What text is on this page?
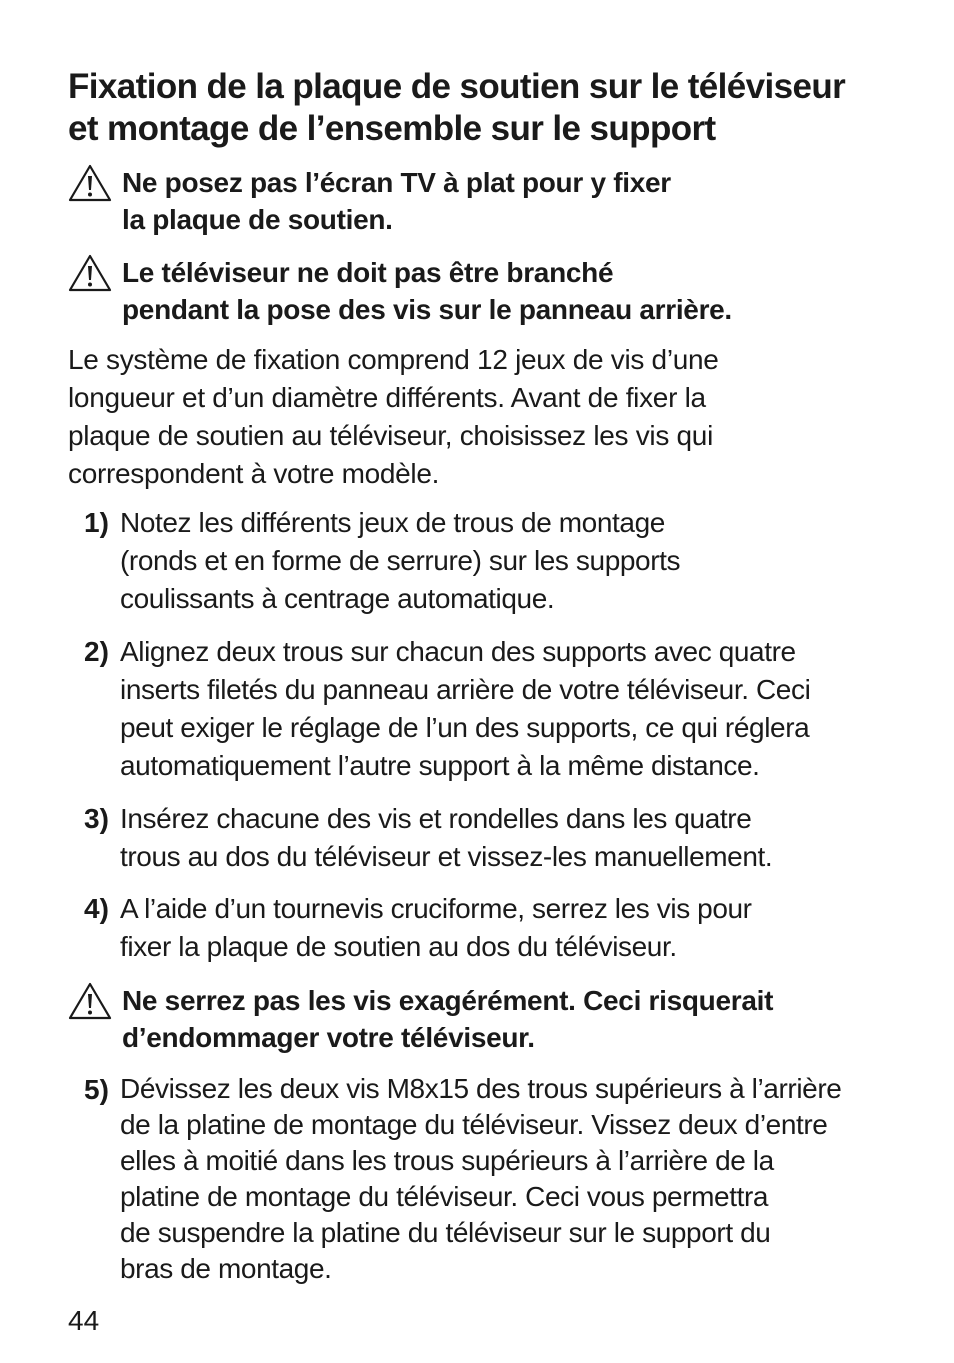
Fixation de la plaque de soutien sur le téléviseur
et montage de l’ensemble sur le support
Ne posez pas l’écran TV à plat pour y fixer
la plaque de soutien.
Le téléviseur ne doit pas être branché
pendant la pose des vis sur le panneau arrière.
Le système de fixation comprend 12 jeux de vis d’une
longueur et d’un diamètre différents. Avant de fixer la
plaque de soutien au téléviseur, choisissez les vis qui
correspondent à votre modèle.
1) Notez les différents jeux de trous de montage
(ronds et en forme de serrure) sur les supports
coulissants à centrage automatique.
2) Alignez deux trous sur chacun des supports avec quatre
inserts filetés du panneau arrière de votre téléviseur. Ceci
peut exiger le réglage de l’un des supports, ce qui réglera
automatiquement l’autre support à la même distance.
3) Insérez chacune des vis et rondelles dans les quatre
trous au dos du téléviseur et vissez-les manuellement.
4) A l’aide d’un tournevis cruciforme, serrez les vis pour
fixer la plaque de soutien au dos du téléviseur.
Ne serrez pas les vis exagérément. Ceci risquerait
d’endommager votre téléviseur.
5) Dévissez les deux vis M8x15 des trous supérieurs à l’arrière
de la platine de montage du téléviseur. Vissez deux d’entre
elles à moitié dans les trous supérieurs à l’arrière de la
platine de montage du téléviseur. Ceci vous permettra
de suspendre la platine du téléviseur sur le support du
bras de montage.
44
